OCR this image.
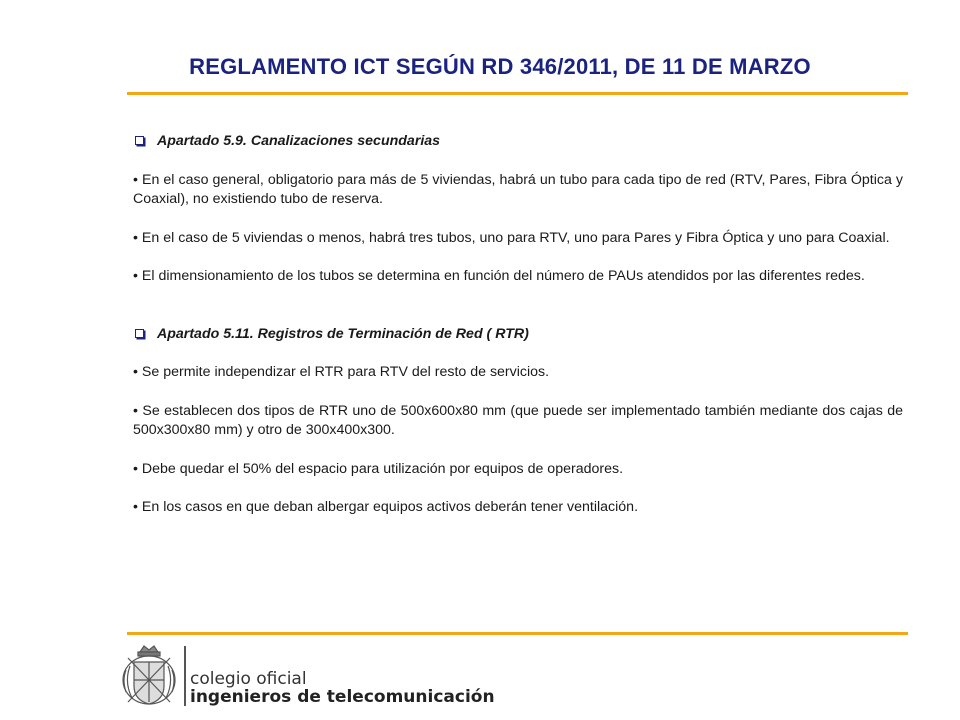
REGLAMENTO ICT SEGÚN RD 346/2011, DE 11 DE MARZO
Apartado 5.9. Canalizaciones secundarias

• En el caso general, obligatorio para más de 5 viviendas, habrá un tubo para cada tipo de red (RTV, Pares, Fibra Óptica y Coaxial), no existiendo tubo de reserva.

• En el caso de 5 viviendas o menos, habrá tres tubos, uno para RTV, uno para Pares y Fibra Óptica y uno para Coaxial.

• El dimensionamiento de los tubos se determina en función del número de PAUs atendidos por las diferentes redes.

Apartado 5.11. Registros de Terminación de Red ( RTR)

• Se permite independizar el RTR para RTV del resto de servicios.

• Se establecen dos tipos de RTR uno de 500x600x80 mm (que puede ser implementado también mediante dos cajas de 500x300x80 mm) y otro de 300x400x300.

• Debe quedar el 50% del espacio para utilización por equipos de operadores.

• En los casos en que deban albergar equipos activos deberán tener ventilación.

colegio oficial
ingenieros de telecomunicación
